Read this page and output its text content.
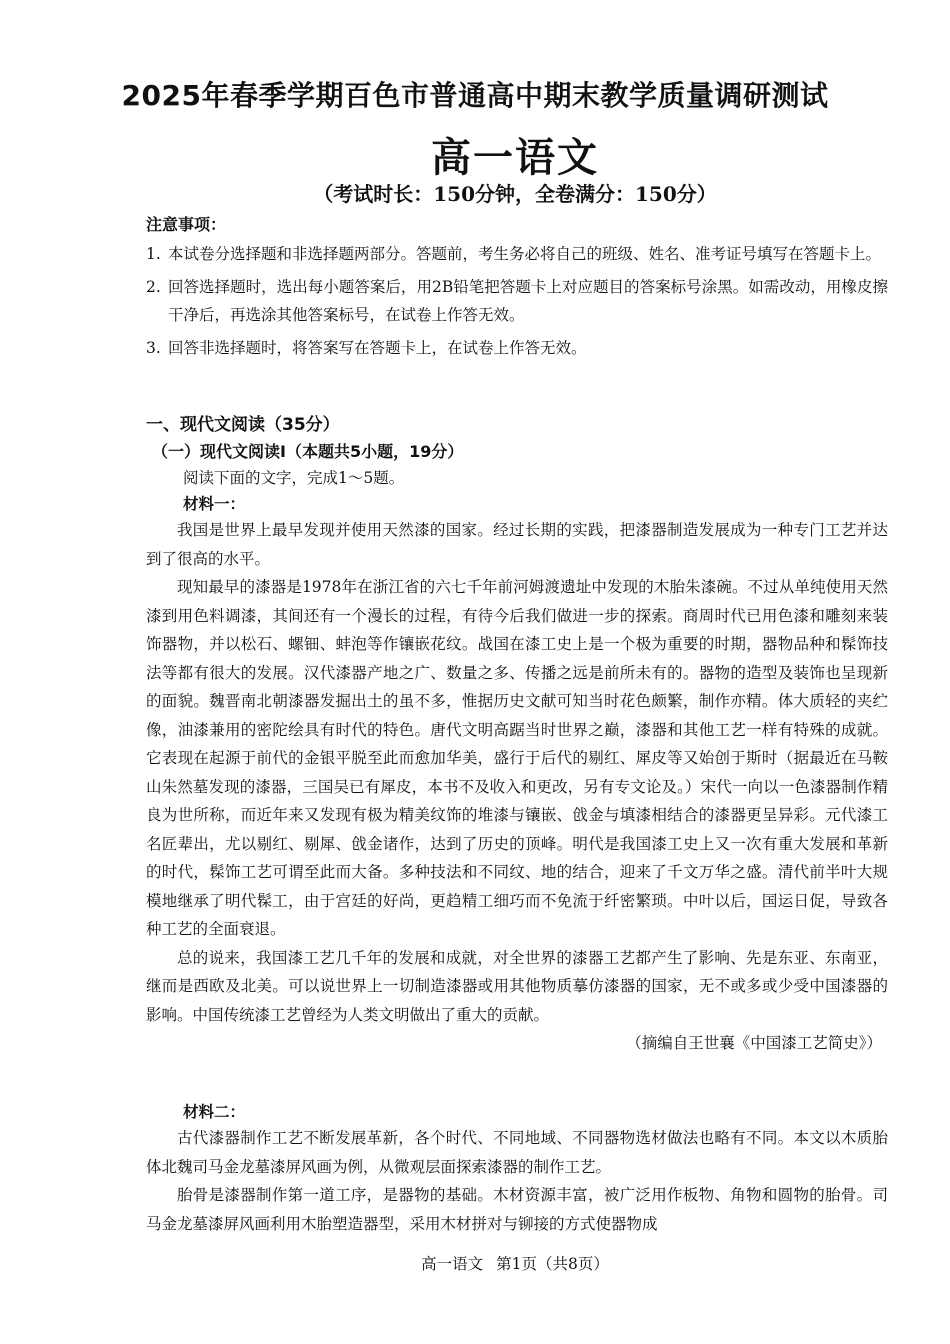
2025年春季学期百色市普通高中期末教学质量调研测试
高一语文
（考试时长：150分钟，全卷满分：150分）
注意事项：
1. 本试卷分选择题和非选择题两部分。答题前，考生务必将自己的班级、姓名、准考证号填写在答题卡上。
2. 回答选择题时，选出每小题答案后，用2B铅笔把答题卡上对应题目的答案标号涂黑。如需改动，用橡皮擦干净后，再选涂其他答案标号，在试卷上作答无效。
3. 回答非选择题时，将答案写在答题卡上，在试卷上作答无效。
一、现代文阅读（35分）
（一）现代文阅读Ⅰ（本题共5小题，19分）
阅读下面的文字，完成1～5题。
材料一：

我国是世界上最早发现并使用天然漆的国家。经过长期的实践，把漆器制造发展成为一种专门工艺并达到了很高的水平。

现知最早的漆器是1978年在浙江省的六七千年前河姆渡遗址中发现的木胎朱漆碗。不过从单纯使用天然漆到用色料调漆，其间还有一个漫长的过程，有待今后我们做进一步的探索。商周时代已用色漆和雕刻来装饰器物，并以松石、螺钿、蚌泡等作镶嵌花纹。战国在漆工史上是一个极为重要的时期，器物品种和髹饰技法等都有很大的发展。汉代漆器产地之广、数量之多、传播之远是前所未有的。器物的造型及装饰也呈现新的面貌。魏晋南北朝漆器发掘出土的虽不多，惟据历史文献可知当时花色颇繁，制作亦精。体大质轻的夹纻像，油漆兼用的密陀绘具有时代的特色。唐代文明高踞当时世界之巅，漆器和其他工艺一样有特殊的成就。它表现在起源于前代的金银平脱至此而愈加华美，盛行于后代的剔红、犀皮等又始创于斯时（据最近在马鞍山朱然墓发现的漆器，三国吴已有犀皮，本书不及收入和更改，另有专文论及。）宋代一向以一色漆器制作精良为世所称，而近年来又发现有极为精美纹饰的堆漆与镶嵌、戗金与填漆相结合的漆器更呈异彩。元代漆工名匠辈出，尤以剔红、剔犀、戗金诸作，达到了历史的顶峰。明代是我国漆工史上又一次有重大发展和革新的时代，髹饰工艺可谓至此而大备。多种技法和不同纹、地的结合，迎来了千文万华之盛。清代前半叶大规模地继承了明代髹工，由于宫廷的好尚，更趋精工细巧而不免流于纤密繁琐。中叶以后，国运日促，导致各种工艺的全面衰退。

总的说来，我国漆工艺几千年的发展和成就，对全世界的漆器工艺都产生了影响、先是东亚、东南亚，继而是西欧及北美。可以说世界上一切制造漆器或用其他物质摹仿漆器的国家，无不或多或少受中国漆器的影响。中国传统漆工艺曾经为人类文明做出了重大的贡献。

（摘编自王世襄《中国漆工艺简史》）

材料二：

古代漆器制作工艺不断发展革新，各个时代、不同地域、不同器物选材做法也略有不同。本文以木质胎体北魏司马金龙墓漆屏风画为例，从微观层面探索漆器的制作工艺。

胎骨是漆器制作第一道工序，是器物的基础。木材资源丰富，被广泛用作板物、角物和圆物的胎骨。司马金龙墓漆屏风画利用木胎塑造器型，采用木材拼对与铆接的方式使器物成

高一语文 第1页（共8页）
